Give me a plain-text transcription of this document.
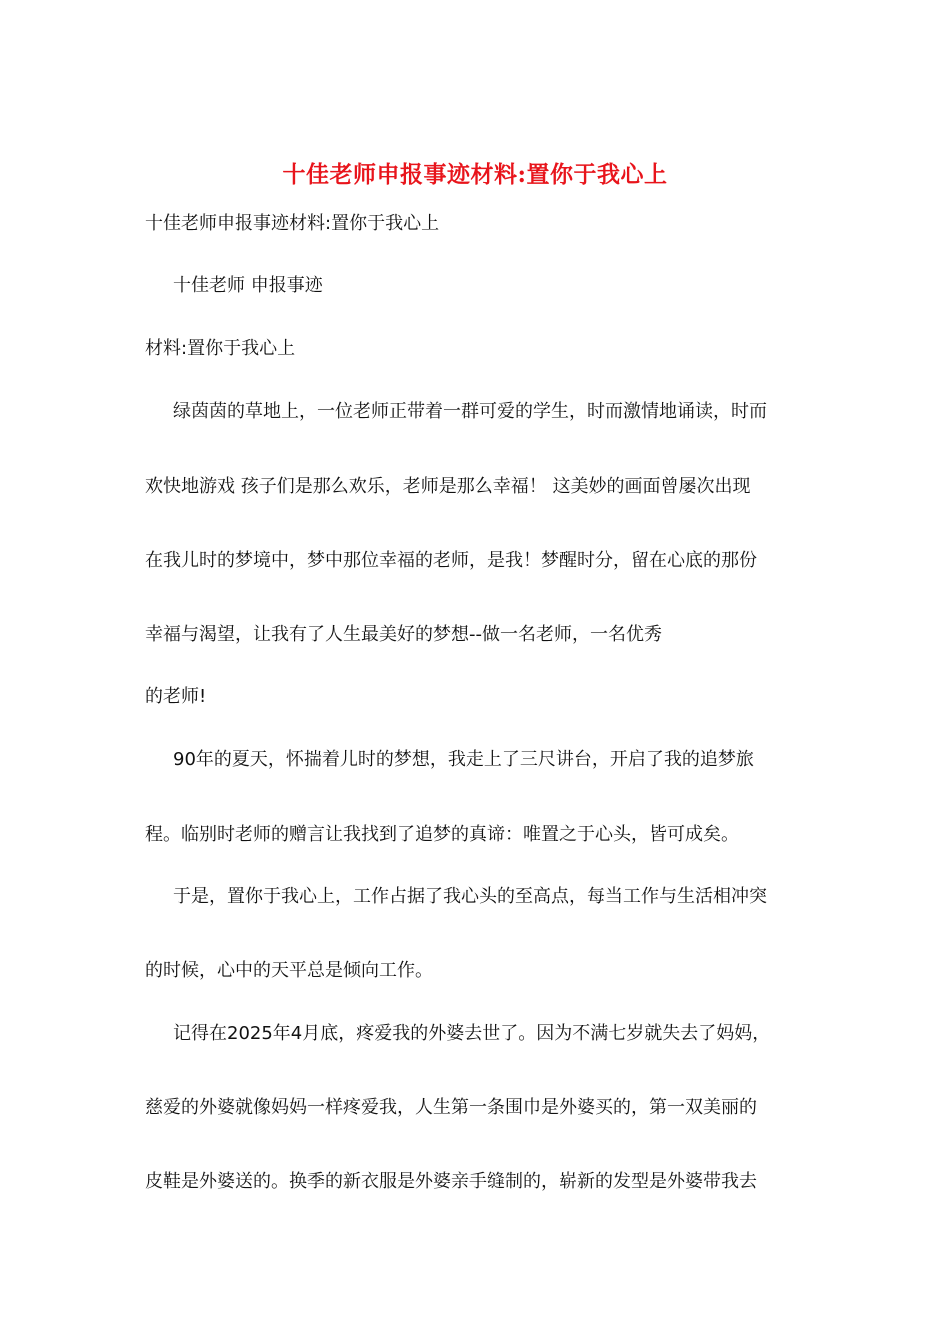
十佳老师申报事迹材料:置你于我心上
十佳老师申报事迹材料:置你于我心上
十佳老师 申报事迹
材料:置你于我心上
绿茵茵的草地上，一位老师正带着一群可爱的学生，时而激情地诵读，时而
欢快地游戏 孩子们是那么欢乐，老师是那么幸福！ 这美妙的画面曾屡次出现
在我儿时的梦境中，梦中那位幸福的老师，是我！梦醒时分，留在心底的那份
幸福与渴望，让我有了人生最美好的梦想--做一名老师，一名优秀
的老师!
90年的夏天，怀揣着儿时的梦想，我走上了三尺讲台，开启了我的追梦旅
程。临别时老师的赠言让我找到了追梦的真谛：唯置之于心头，皆可成矣。
于是，置你于我心上，工作占据了我心头的至高点，每当工作与生活相冲突
的时候，心中的天平总是倾向工作。
记得在2025年4月底，疼爱我的外婆去世了。因为不满七岁就失去了妈妈，
慈爱的外婆就像妈妈一样疼爱我，人生第一条围巾是外婆买的，第一双美丽的
皮鞋是外婆送的。换季的新衣服是外婆亲手缝制的，崭新的发型是外婆带我去
